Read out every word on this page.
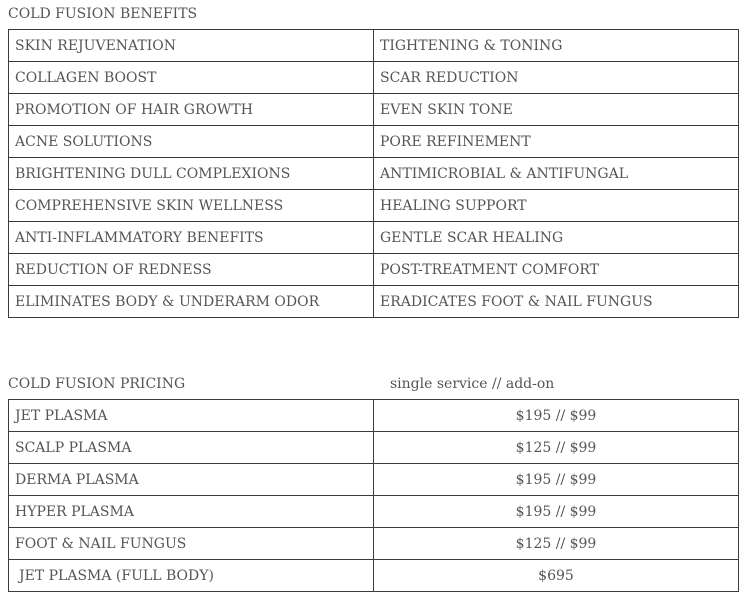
COLD FUSION BENEFITS
SKIN REJUVENATION	TIGHTENING & TONING
COLLAGEN BOOST	SCAR REDUCTION
PROMOTION OF HAIR GROWTH	EVEN SKIN TONE
ACNE SOLUTIONS	PORE REFINEMENT
BRIGHTENING DULL COMPLEXIONS	ANTIMICROBIAL & ANTIFUNGAL
COMPREHENSIVE SKIN WELLNESS	HEALING SUPPORT
ANTI-INFLAMMATORY BENEFITS	GENTLE SCAR HEALING
REDUCTION OF REDNESS	POST-TREATMENT COMFORT
ELIMINATES BODY & UNDERARM ODOR	ERADICATES FOOT & NAIL FUNGUS
COLD FUSION PRICING	single service // add-on
JET PLASMA	$195 // $99
SCALP PLASMA	$125 // $99
DERMA PLASMA	$195 // $99
HYPER PLASMA	$195 // $99
FOOT & NAIL FUNGUS	$125 // $99
JET PLASMA (FULL BODY)	$695
